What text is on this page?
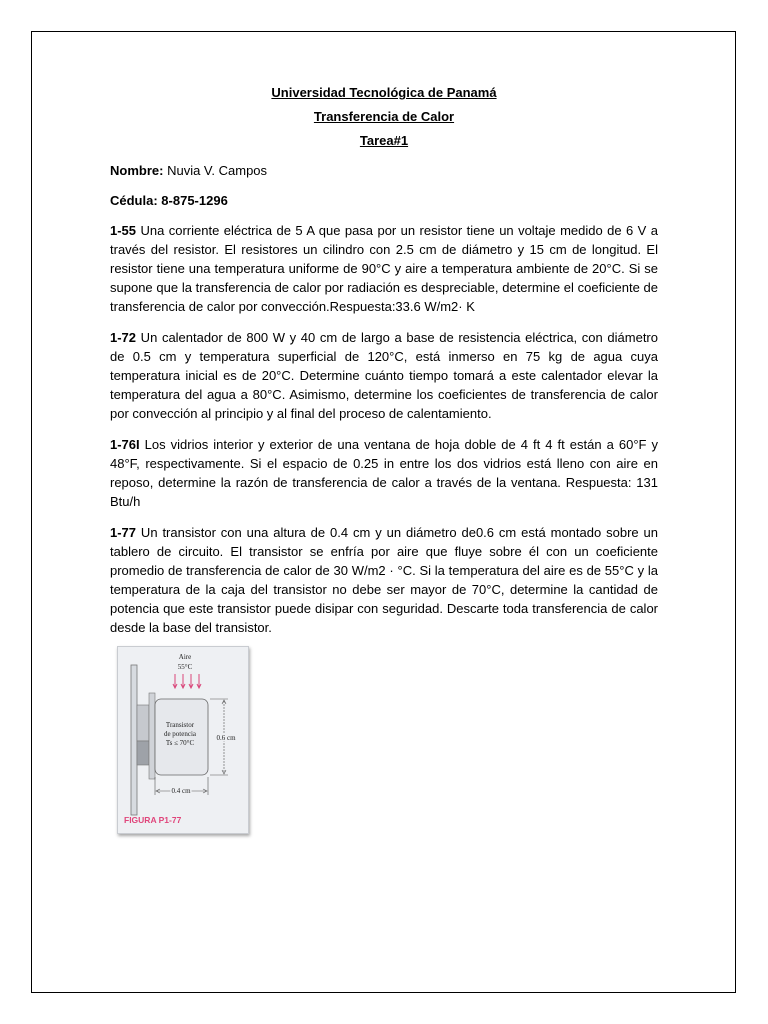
Universidad Tecnológica de Panamá

Transferencia de Calor

Tarea#1

Nombre: Nuvia V. Campos

Cédula: 8-875-1296

1-55 Una corriente eléctrica de 5 A que pasa por un resistor tiene un voltaje medido de 6 V a través del resistor. El resistores un cilindro con 2.5 cm de diámetro y 15 cm de longitud. El resistor tiene una temperatura uniforme de 90°C y aire a temperatura ambiente de 20°C. Si se supone que la transferencia de calor por radiación es despreciable, determine el coeficiente de transferencia de calor por convección.Respuesta:33.6 W/m2· K

1-72 Un calentador de 800 W y 40 cm de largo a base de resistencia eléctrica, con diámetro de 0.5 cm y temperatura superficial de 120°C, está inmerso en 75 kg de agua cuya temperatura inicial es de 20°C. Determine cuánto tiempo tomará a este calentador elevar la temperatura del agua a 80°C. Asimismo, determine los coeficientes de transferencia de calor por convección al principio y al final del proceso de calentamiento.

1-76I Los vidrios interior y exterior de una ventana de hoja doble de 4 ft 4 ft están a 60°F y 48°F, respectivamente. Si el espacio de 0.25 in entre los dos vidrios está lleno con aire en reposo, determine la razón de transferencia de calor a través de la ventana. Respuesta: 131 Btu/h

1-77 Un transistor con una altura de 0.4 cm y un diámetro de0.6 cm está montado sobre un tablero de circuito. El transistor se enfría por aire que fluye sobre él con un coeficiente promedio de transferencia de calor de 30 W/m2 · °C. Si la temperatura del aire es de 55°C y la temperatura de la caja del transistor no debe ser mayor de 70°C, determine la cantidad de potencia que este transistor puede disipar con seguridad. Descarte toda transferencia de calor desde la base del transistor.

Aire
55°C
Transistor
de potencia
Ts ≤ 70°C
0.6 cm
0.4 cm
FIGURA P1-77
